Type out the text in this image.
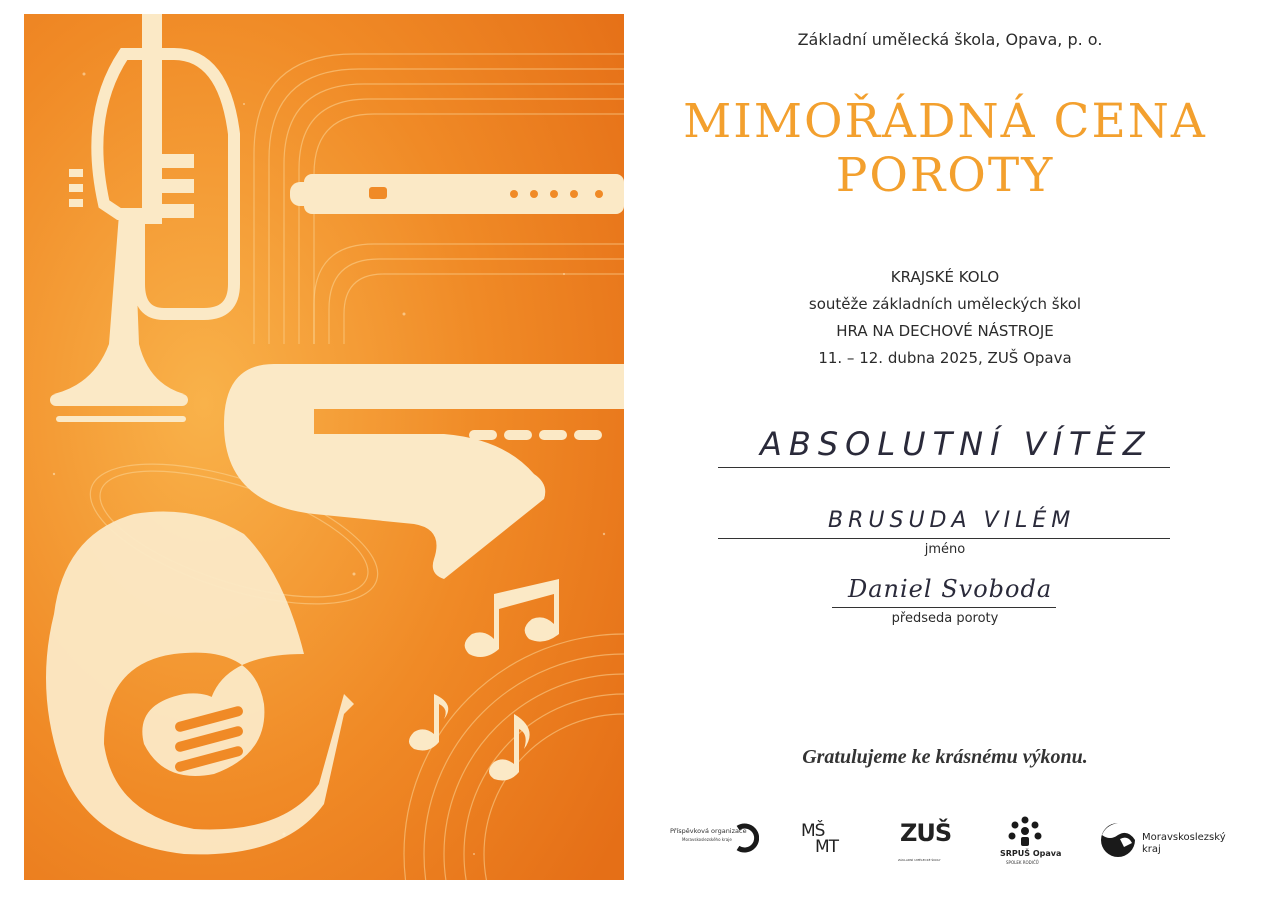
Základní umělecká škola, Opava, p. o.
MIMOŘÁDNÁ CENA
POROTY
KRAJSKÉ KOLO
soutěže základních uměleckých škol
HRA NA DECHOVÉ NÁSTROJE
11. – 12. dubna 2025, ZUŠ Opava
ABSOLUTNÍ VÍTĚZ
BRUSUDA VILÉM
jméno
Daniel Svoboda
předseda poroty
Gratulujeme ke krásnému výkonu.
Příspěvková organizace
Moravskoslezského kraje	MŠ
MT	ZUŠ
ZÁKLADNÍ UMĚLECKÉ ŠKOLY
SRPUŠ Opava
SPOLEK RODIČŮ
Moravskoslezský
kraj
